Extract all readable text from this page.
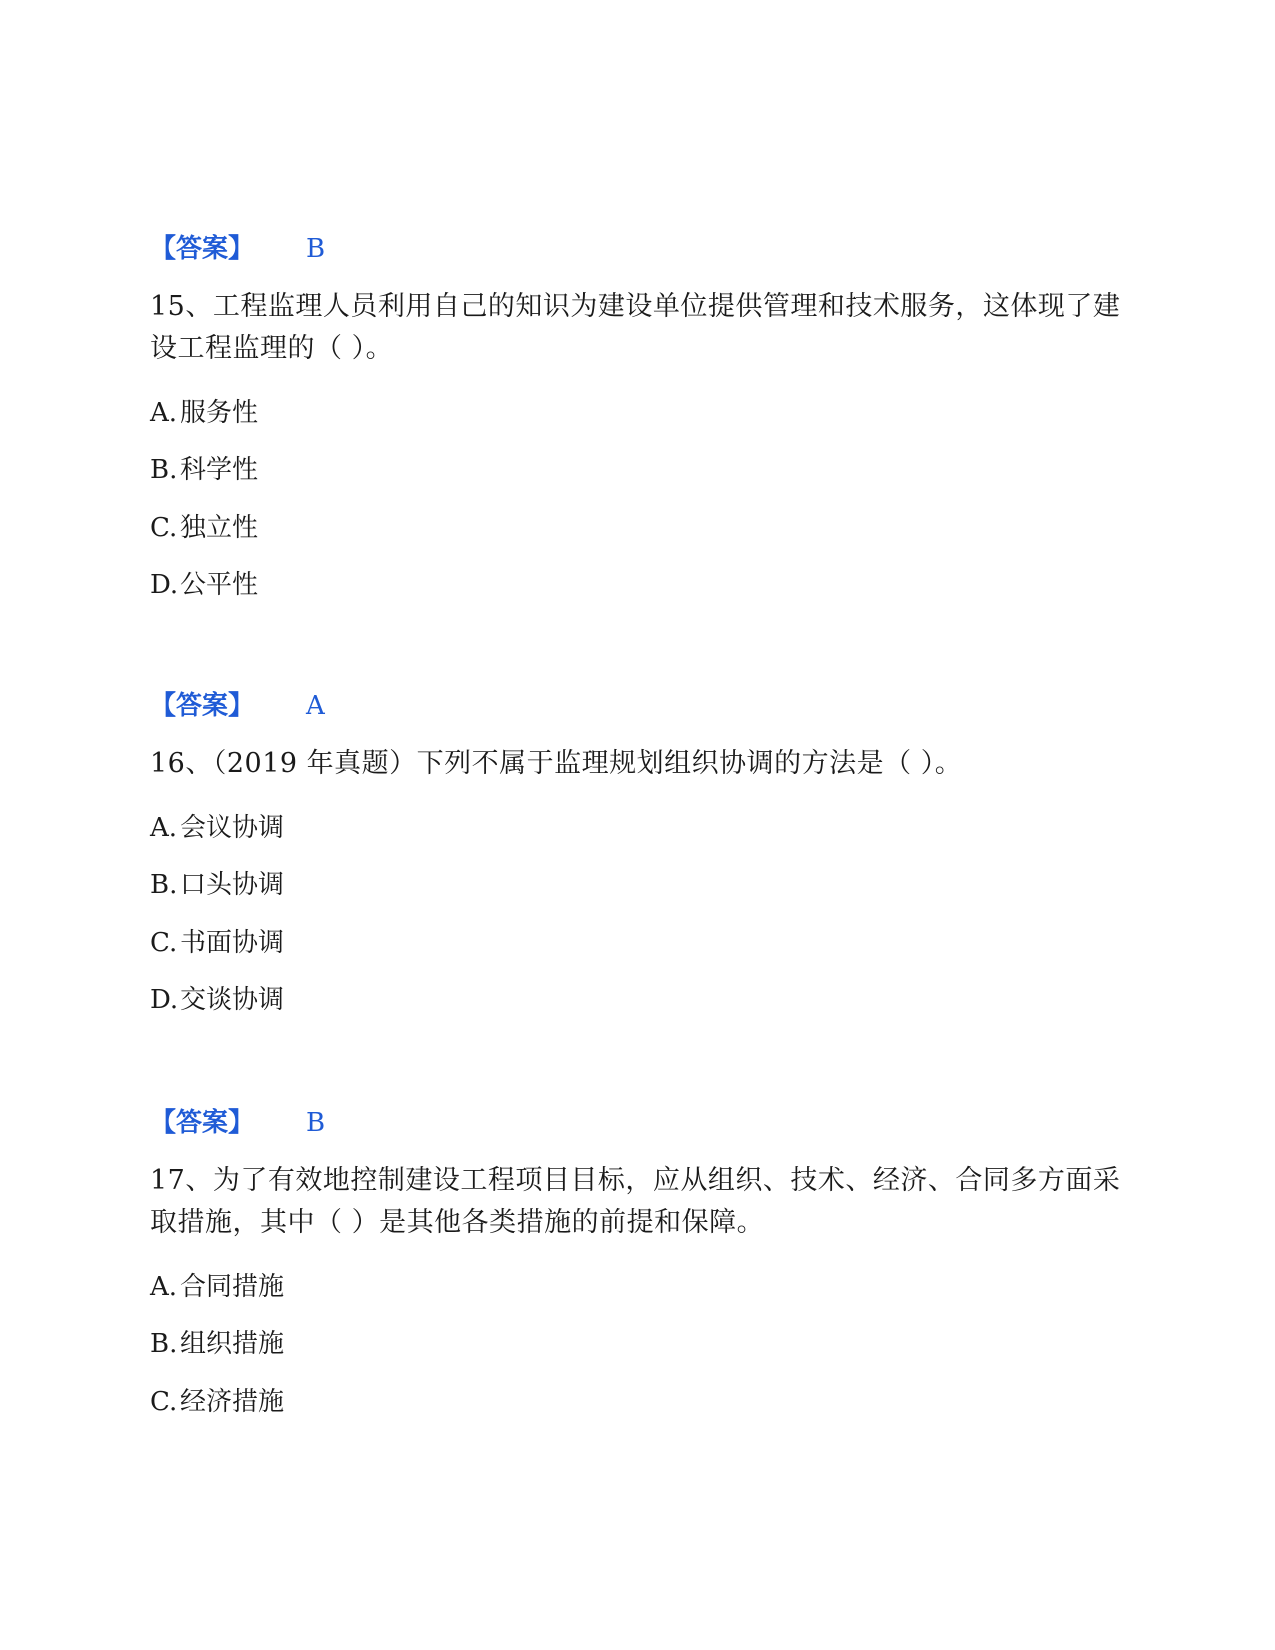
【答案】 B
15、工程监理人员利用自己的知识为建设单位提供管理和技术服务，这体现了建设工程监理的（ ）。
A. 服务性
B. 科学性
C. 独立性
D. 公平性
【答案】 A
16、（2019 年真题）下列不属于监理规划组织协调的方法是（ ）。
A. 会议协调
B. 口头协调
C. 书面协调
D. 交谈协调
【答案】 B
17、为了有效地控制建设工程项目目标，应从组织、技术、经济、合同多方面采取措施，其中（ ）是其他各类措施的前提和保障。
A. 合同措施
B. 组织措施
C. 经济措施
